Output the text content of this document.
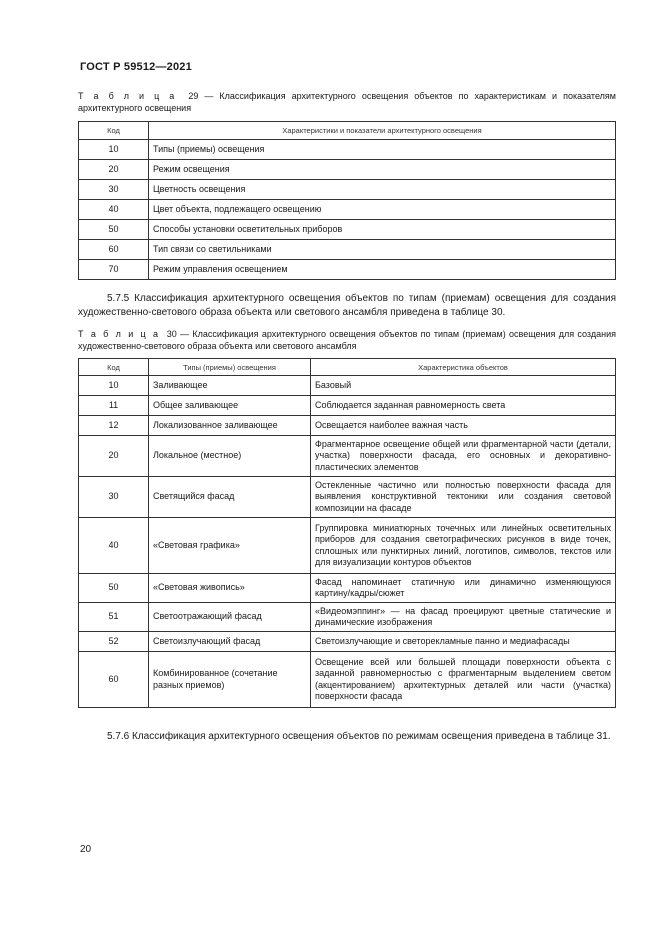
ГОСТ Р 59512—2021
Т а б л и ц а 29 — Классификация архитектурного освещения объектов по характеристикам и показателям архитектурного освещения
Код	Характеристики и показатели архитектурного освещения
10	Типы (приемы) освещения
20	Режим освещения
30	Цветность освещения
40	Цвет объекта, подлежащего освещению
50	Способы установки осветительных приборов
60	Тип связи со светильниками
70	Режим управления освещением
5.7.5 Классификация архитектурного освещения объектов по типам (приемам) освещения для создания художественно-светового образа объекта или светового ансамбля приведена в таблице 30.
Т а б л и ц а 30 — Классификация архитектурного освещения объектов по типам (приемам) освещения для создания художественно-светового образа объекта или светового ансамбля
Код	Типы (приемы) освещения	Характеристика объектов
10	Заливающее	Базовый
11	Общее заливающее	Соблюдается заданная равномерность света
12	Локализованное заливающее	Освещается наиболее важная часть
20	Локальное (местное)	Фрагментарное освещение общей или фрагментарной части (детали, участка) поверхности фасада, его основных и декоративно-пластических элементов
30	Светящийся фасад	Остекленные частично или полностью поверхности фасада для выявления конструктивной тектоники или создания световой композиции на фасаде
40	«Световая графика»	Группировка миниатюрных точечных или линейных осветительных приборов для создания светографических рисунков в виде точек, сплошных или пунктирных линий, логотипов, символов, текстов или для визуализации контуров объектов
50	«Световая живопись»	Фасад напоминает статичную или динамично изменяющуюся картину/кадры/сюжет
51	Светоотражающий фасад	«Видеомэппинг» — на фасад проецируют цветные статические и динамические изображения
52	Светоизлучающий фасад	Светоизлучающие и светорекламные панно и медиафасады
60	Комбинированное (сочетание разных приемов)	Освещение всей или большей площади поверхности объекта с заданной равномерностью с фрагментарным выделением светом (акцентированием) архитектурных деталей или части (участка) поверхности фасада
5.7.6 Классификация архитектурного освещения объектов по режимам освещения приведена в таблице 31.
20
